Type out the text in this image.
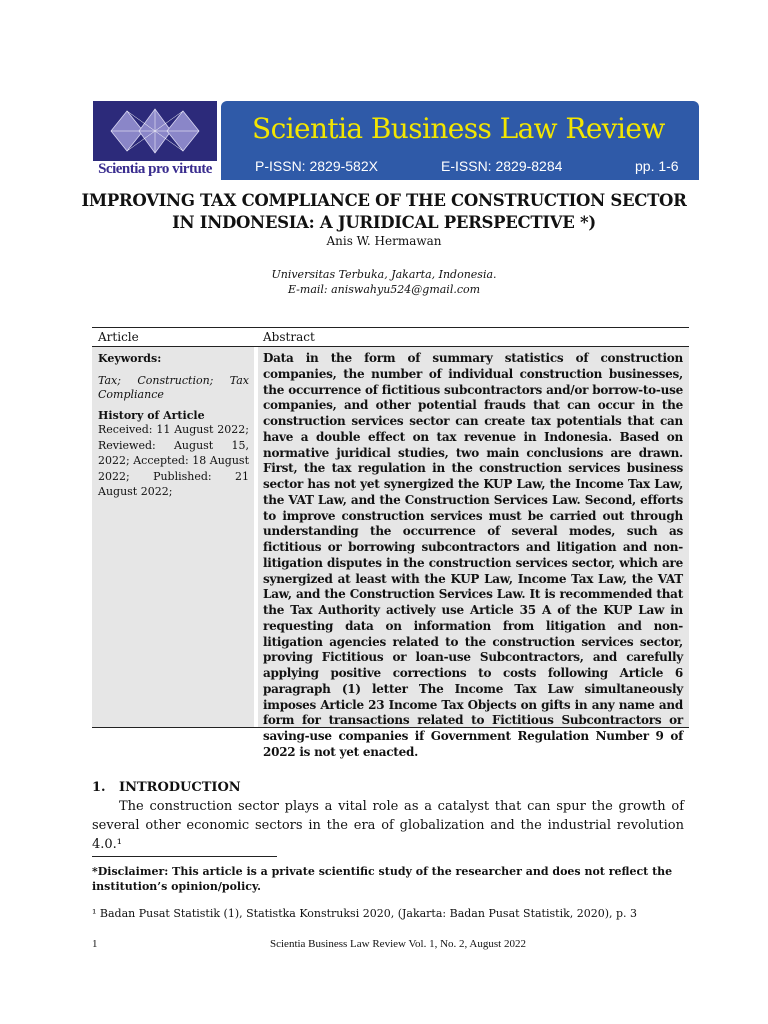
Scientia pro virtute
Scientia Business Law Review
P-ISSN: 2829-582X	E-ISSN: 2829-8284	pp. 1-6
IMPROVING TAX COMPLIANCE OF THE CONSTRUCTION SECTOR
IN INDONESIA: A JURIDICAL PERSPECTIVE *)
Anis W. Hermawan
Universitas Terbuka, Jakarta, Indonesia.
E-mail: aniswahyu524@gmail.com
Article	Abstract
Keywords:
Tax; Construction; Tax Compliance
History of Article
Received: 11 August 2022; Reviewed: August 15, 2022; Accepted: 18 August 2022; Published: 21 August 2022;
Data in the form of summary statistics of construction companies, the number of individual construction businesses, the occurrence of fictitious subcontractors and/or borrow-to-use companies, and other potential frauds that can occur in the construction services sector can create tax potentials that can have a double effect on tax revenue in Indonesia. Based on normative juridical studies, two main conclusions are drawn. First, the tax regulation in the construction services business sector has not yet synergized the KUP Law, the Income Tax Law, the VAT Law, and the Construction Services Law. Second, efforts to improve construction services must be carried out through understanding the occurrence of several modes, such as fictitious or borrowing subcontractors and litigation and non-litigation disputes in the construction services sector, which are synergized at least with the KUP Law, Income Tax Law, the VAT Law, and the Construction Services Law. It is recommended that the Tax Authority actively use Article 35 A of the KUP Law in requesting data on information from litigation and non-litigation agencies related to the construction services sector, proving Fictitious or loan-use Subcontractors, and carefully applying positive corrections to costs following Article 6 paragraph (1) letter The Income Tax Law simultaneously imposes Article 23 Income Tax Objects on gifts in any name and form for transactions related to Fictitious Subcontractors or saving-use companies if Government Regulation Number 9 of 2022 is not yet enacted.
1. INTRODUCTION
The construction sector plays a vital role as a catalyst that can spur the growth of several other economic sectors in the era of globalization and the industrial revolution 4.0.¹
*Disclaimer: This article is a private scientific study of the researcher and does not reflect the institution’s opinion/policy.
¹ Badan Pusat Statistik (1), Statistka Konstruksi 2020, (Jakarta: Badan Pusat Statistik, 2020), p. 3
1	Scientia Business Law Review Vol. 1, No. 2, August 2022
